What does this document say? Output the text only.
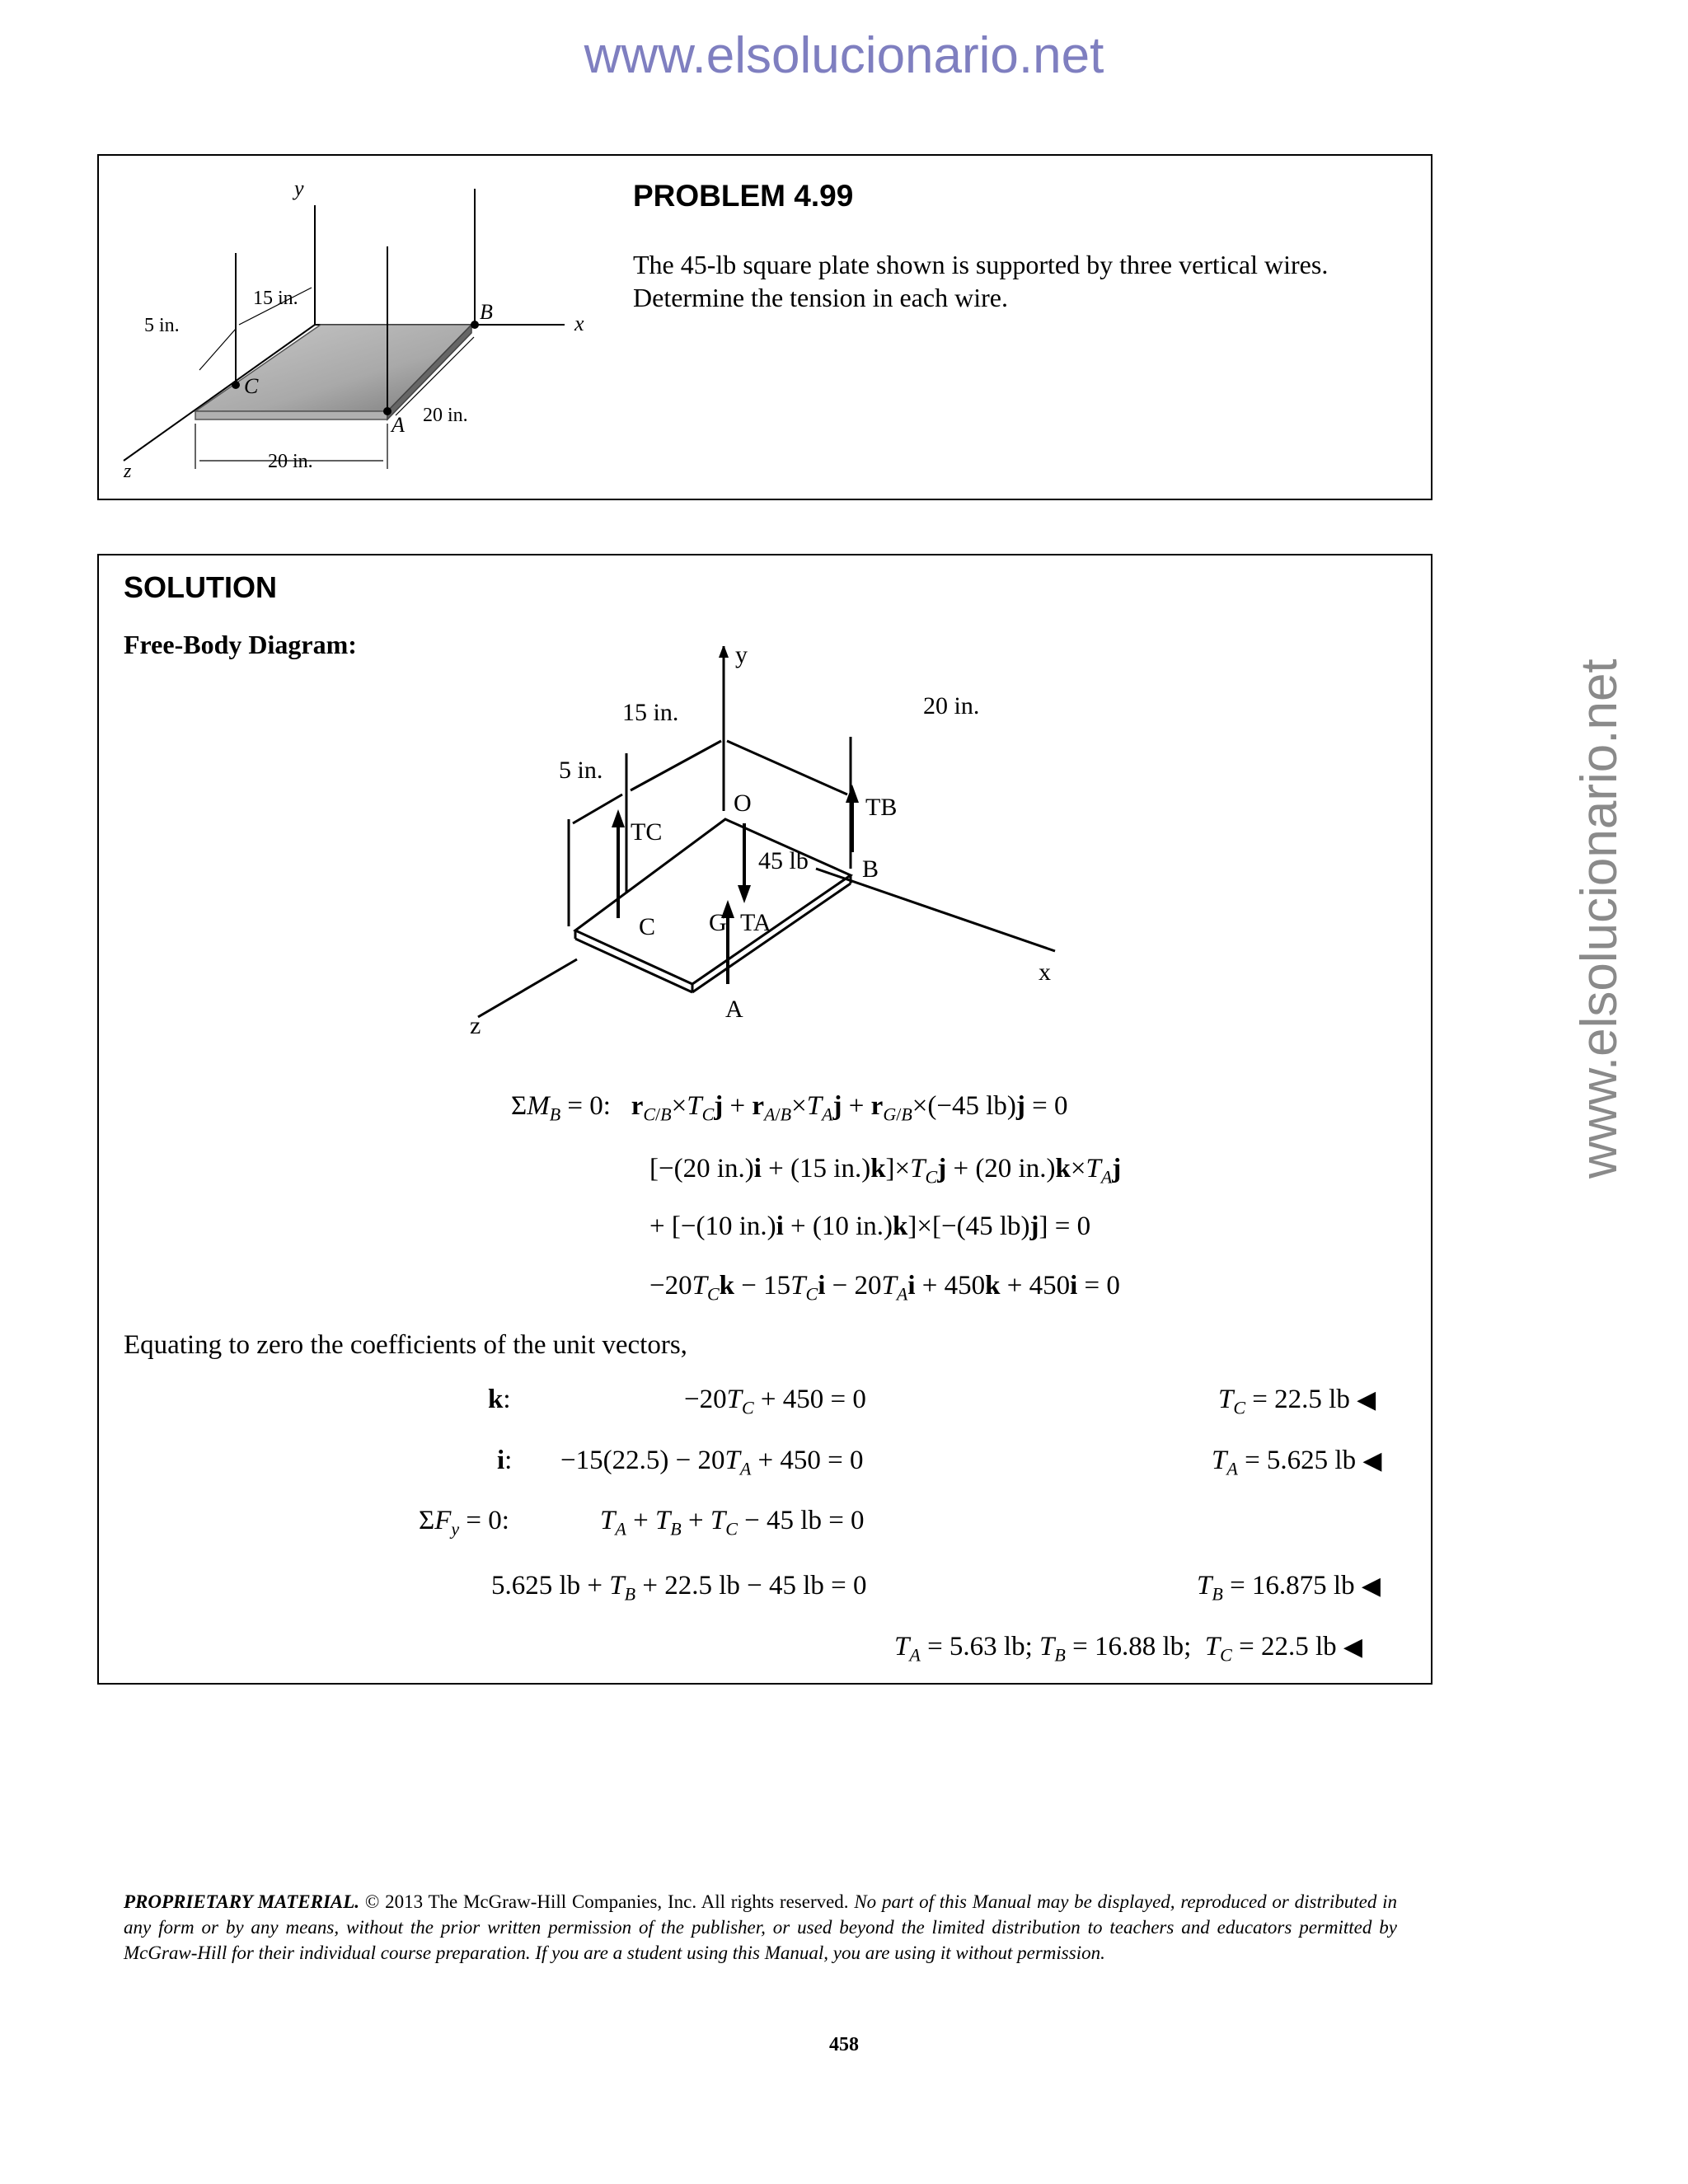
www.elsolucionario.net
www.elsolucionario.net
y
x
z
B
C
A
15 in.
5 in.
20 in.
20 in.
PROBLEM 4.99
The 45-lb square plate shown is supported by three vertical wires. Determine the tension in each wire.
SOLUTION
Free-Body Diagram:	y
O
B
C G
A
x
z
TB
TC
TA
45 lb
15 in.	20 in.
5 in.
$\Sigma M_B = 0$:   $r_{C/B}\times T_Cj + r_{A/B}\times T_Aj + r_{G/B}\times(-45$ lb)j = 0
[−(20 in.)i + (15 $in.)k]\times T_Cj + (20$ $in.)k\times T_Aj$
+ [−(10 in.)i + (10 in.)k]×[−(45 lb)j] = 0
$-20T_Ck - 15T_Ci - 20T_Ai + 450k + 450i = 0$
Equating to zero the coefficients of the unit vectors,
k:	$-20T_C + 450 = 0$	$T_C = 22.5$ lb ◀
i: $-15(22.5) - 20T_A + 450 = 0$	$T_A = 5.625$ lb ◀
$\Sigma F_y = 0$:	$T_A + T_B + T_C - 45$ lb = 0
5.625 lb + $T_B + 22.5$ lb − 45 lb = 0	$T_B = 16.875$ lb ◀
$T_A = 5.63$ lb; $T_B = 16.88$ lb;  $T_C = 22.5$ lb ◀
PROPRIETARY MATERIAL. © 2013 The McGraw-Hill Companies, Inc. All rights reserved. No part of this Manual may be displayed, reproduced or distributed in any form or by any means, without the prior written permission of the publisher, or used beyond the limited distribution to teachers and educators permitted by McGraw-Hill for their individual course preparation. If you are a student using this Manual, you are using it without permission.
458
